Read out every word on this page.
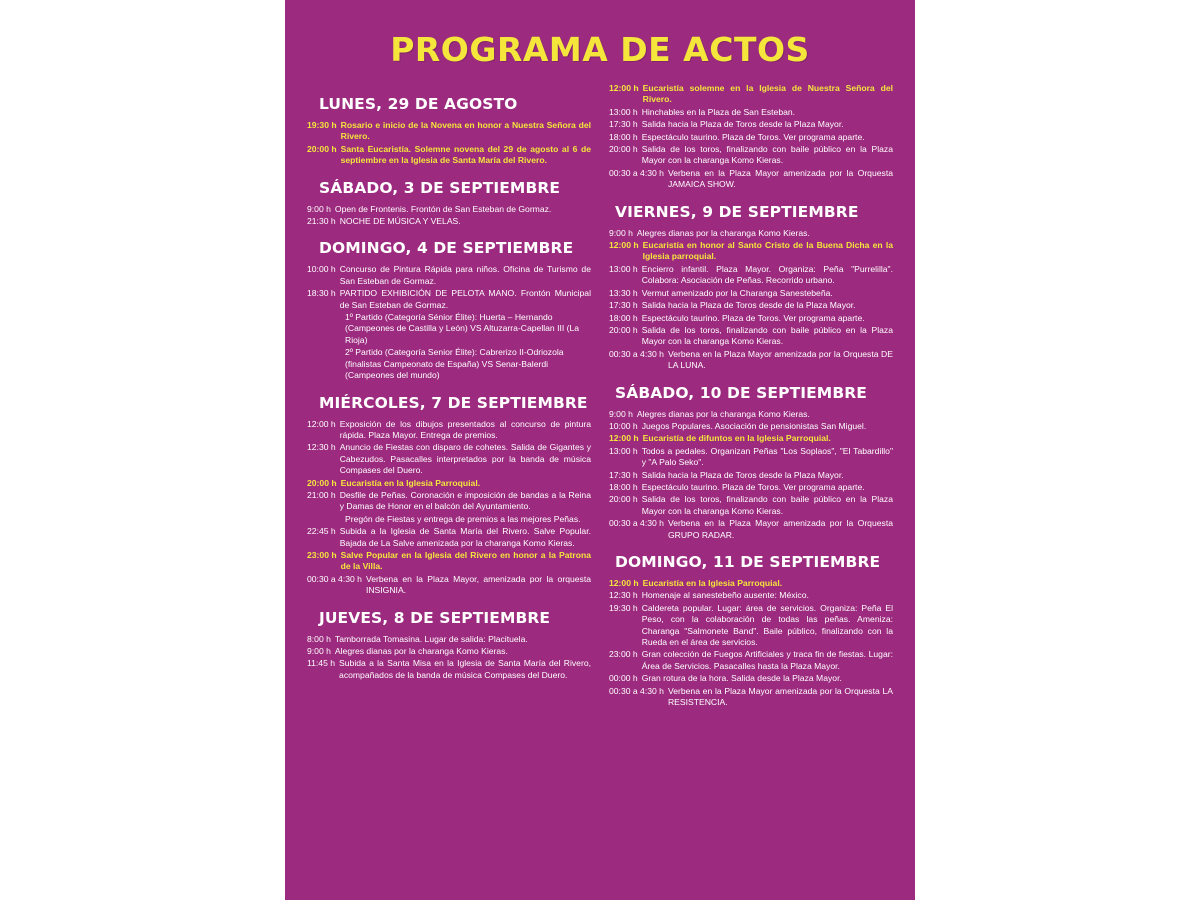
PROGRAMA DE ACTOS
LUNES, 29 DE AGOSTO
19:30 h Rosario e inicio de la Novena en honor a Nuestra Señora del Rivero.
20:00 h Santa Eucaristía. Solemne novena del 29 de agosto al 6 de septiembre en la Iglesia de Santa María del Rivero.
SÁBADO, 3 DE SEPTIEMBRE
9:00 h Open de Frontenis. Frontón de San Esteban de Gormaz.
21:30 h NOCHE DE MÚSICA Y VELAS.
DOMINGO, 4 DE SEPTIEMBRE
10:00 h Concurso de Pintura Rápida para niños. Oficina de Turismo de San Esteban de Gormaz.
18:30 h PARTIDO EXHIBICIÓN DE PELOTA MANO. Frontón Municipal de San Esteban de Gormaz.
1º Partido (Categoría Sénior Élite): Huerta – Hernando (Campeones de Castilla y León) VS Altuzarra-Capellan III (La Rioja)
2º Partido (Categoría Senior Élite): Cabrerizo II-Odriozola (finalistas Campeonato de España) VS Senar-Balerdi (Campeones del mundo)
MIÉRCOLES, 7 DE SEPTIEMBRE
12:00 h Exposición de los dibujos presentados al concurso de pintura rápida. Plaza Mayor. Entrega de premios.
12:30 h Anuncio de Fiestas con disparo de cohetes. Salida de Gigantes y Cabezudos. Pasacalles interpretados por la banda de música Compases del Duero.
20:00 h Eucaristía en la Iglesia Parroquial.
21:00 h Desfile de Peñas. Coronación e imposición de bandas a la Reina y Damas de Honor en el balcón del Ayuntamiento.
Pregón de Fiestas y entrega de premios a las mejores Peñas.
22:45 h Subida a la Iglesia de Santa María del Rivero. Salve Popular. Bajada de La Salve amenizada por la charanga Komo Kieras.
23:00 h Salve Popular en la Iglesia del Rivero en honor a la Patrona de la Villa.
00:30 a 4:30 h Verbena en la Plaza Mayor, amenizada por la orquesta INSIGNIA.
JUEVES, 8 DE SEPTIEMBRE
8:00 h Tamborrada Tomasina. Lugar de salida: Placituela.
9:00 h Alegres dianas por la charanga Komo Kieras.
11:45 h Subida a la Santa Misa en la Iglesia de Santa María del Rivero, acompañados de la banda de música Compases del Duero.
12:00 h Eucaristía solemne en la Iglesia de Nuestra Señora del Rivero.
13:00 h Hinchables en la Plaza de San Esteban.
17:30 h Salida hacia la Plaza de Toros desde la Plaza Mayor.
18:00 h Espectáculo taurino. Plaza de Toros. Ver programa aparte.
20:00 h Salida de los toros, finalizando con baile público en la Plaza Mayor con la charanga Komo Kieras.
00:30 a 4:30 h Verbena en la Plaza Mayor amenizada por la Orquesta JAMAICA SHOW.
VIERNES, 9 DE SEPTIEMBRE
9:00 h Alegres dianas por la charanga Komo Kieras.
12:00 h Eucaristía en honor al Santo Cristo de la Buena Dicha en la Iglesia parroquial.
13:00 h Encierro infantil. Plaza Mayor. Organiza: Peña "Purrelilla". Colabora: Asociación de Peñas. Recorrido urbano.
13:30 h Vermut amenizado por la Charanga Sanestebeña.
17:30 h Salida hacia la Plaza de Toros desde de la Plaza Mayor.
18:00 h Espectáculo taurino. Plaza de Toros. Ver programa aparte.
20:00 h Salida de los toros, finalizando con baile público en la Plaza Mayor con la charanga Komo Kieras.
00:30 a 4:30 h Verbena en la Plaza Mayor amenizada por la Orquesta DE LA LUNA.
SÁBADO, 10 DE SEPTIEMBRE
9:00 h Alegres dianas por la charanga Komo Kieras.
10:00 h Juegos Populares. Asociación de pensionistas San Miguel.
12:00 h Eucaristía de difuntos en la Iglesia Parroquial.
13:00 h Todos a pedales. Organizan Peñas "Los Soplaos", "El Tabardillo" y "A Palo Seko".
17:30 h Salida hacia la Plaza de Toros desde la Plaza Mayor.
18:00 h Espectáculo taurino. Plaza de Toros. Ver programa aparte.
20:00 h Salida de los toros, finalizando con baile público en la Plaza Mayor con la charanga Komo Kieras.
00:30 a 4:30 h Verbena en la Plaza Mayor amenizada por la Orquesta GRUPO RADAR.
DOMINGO, 11 DE SEPTIEMBRE
12:00 h Eucaristía en la Iglesia Parroquial.
12:30 h Homenaje al sanestebeño ausente: México.
19:30 h Caldereta popular. Lugar: área de servicios. Organiza: Peña El Peso, con la colaboración de todas las peñas. Ameniza: Charanga "Salmonete Band". Baile público, finalizando con la Rueda en el área de servicios.
23:00 h Gran colección de Fuegos Artificiales y traca fin de fiestas. Lugar: Área de Servicios. Pasacalles hasta la Plaza Mayor.
00:00 h Gran rotura de la hora. Salida desde la Plaza Mayor.
00:30 a 4:30 h Verbena en la Plaza Mayor amenizada por la Orquesta LA RESISTENCIA.
